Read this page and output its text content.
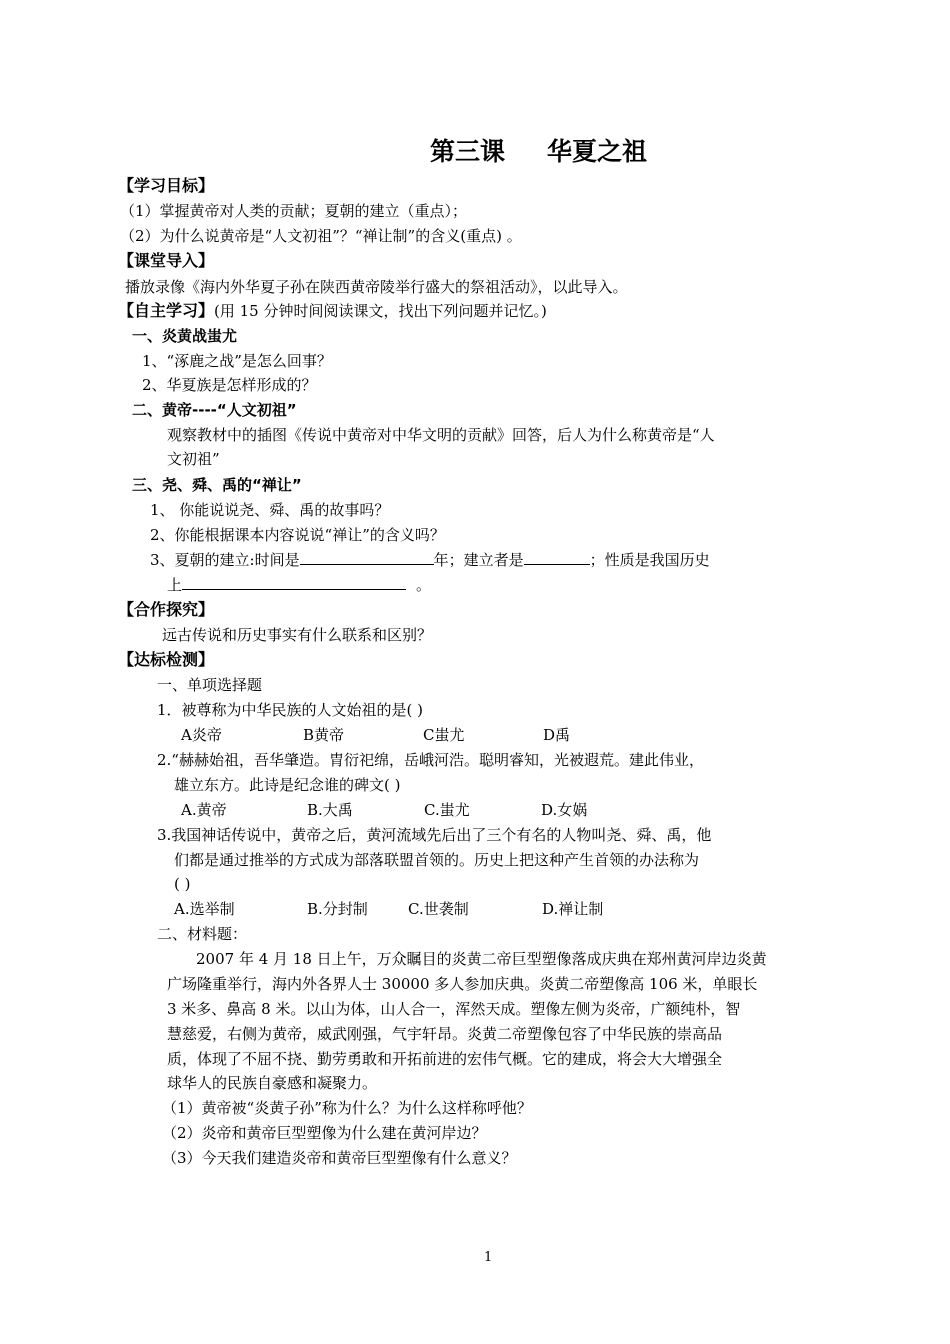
第三课 华夏之祖
【学习目标】
（1）掌握黄帝对人类的贡献；夏朝的建立（重点）；
（2）为什么说黄帝是“人文初祖”？“禅让制”的含义(重点) 。
【课堂导入】
播放录像《海内外华夏子孙在陕西黄帝陵举行盛大的祭祖活动》，以此导入。
【自主学习】(用 15 分钟时间阅读课文，找出下列问题并记忆。)
一、炎黄战蚩尤
1、“涿鹿之战”是怎么回事？
2、华夏族是怎样形成的？
二、黄帝----“人文初祖”
观察教材中的插图《传说中黄帝对中华文明的贡献》回答，后人为什么称黄帝是“人
文初祖”
三、尧、舜、禹的“禅让”
1、 你能说说尧、舜、禹的故事吗？
2、你能根据课本内容说说“禅让”的含义吗？
3、夏朝的建立:时间是	年；建立者是	；性质是我国历史
上	。
【合作探究】
远古传说和历史事实有什么联系和区别？
【达标检测】
一、单项选择题
1．被尊称为中华民族的人文始祖的是( )
A炎帝	B黄帝	C蚩尤	D禹
2.“赫赫始祖，吾华肇造。胄衍祀绵，岳峨河浩。聪明睿知，光被遐荒。建此伟业，
雄立东方。此诗是纪念谁的碑文( )
A.黄帝	B.大禹	C.蚩尤	D.女娲
3.我国神话传说中，黄帝之后，黄河流域先后出了三个有名的人物叫尧、舜、禹，他
们都是通过推举的方式成为部落联盟首领的。历史上把这种产生首领的办法称为
( )
A.选举制	B.分封制	C.世袭制	D.禅让制
二、材料题：
2007 年 4 月 18 日上午，万众瞩目的炎黄二帝巨型塑像落成庆典在郑州黄河岸边炎黄
广场隆重举行，海内外各界人士 30000 多人参加庆典。炎黄二帝塑像高 106 米，单眼长
3 米多、鼻高 8 米。以山为体，山人合一，浑然天成。塑像左侧为炎帝，广额纯朴，智
慧慈爱，右侧为黄帝，威武刚强，气宇轩昂。炎黄二帝塑像包容了中华民族的崇高品
质，体现了不屈不挠、勤劳勇敢和开拓前进的宏伟气概。它的建成，将会大大增强全
球华人的民族自豪感和凝聚力。
（1）黄帝被“炎黄子孙”称为什么？为什么这样称呼他？
（2）炎帝和黄帝巨型塑像为什么建在黄河岸边？
（3）今天我们建造炎帝和黄帝巨型塑像有什么意义？
1
